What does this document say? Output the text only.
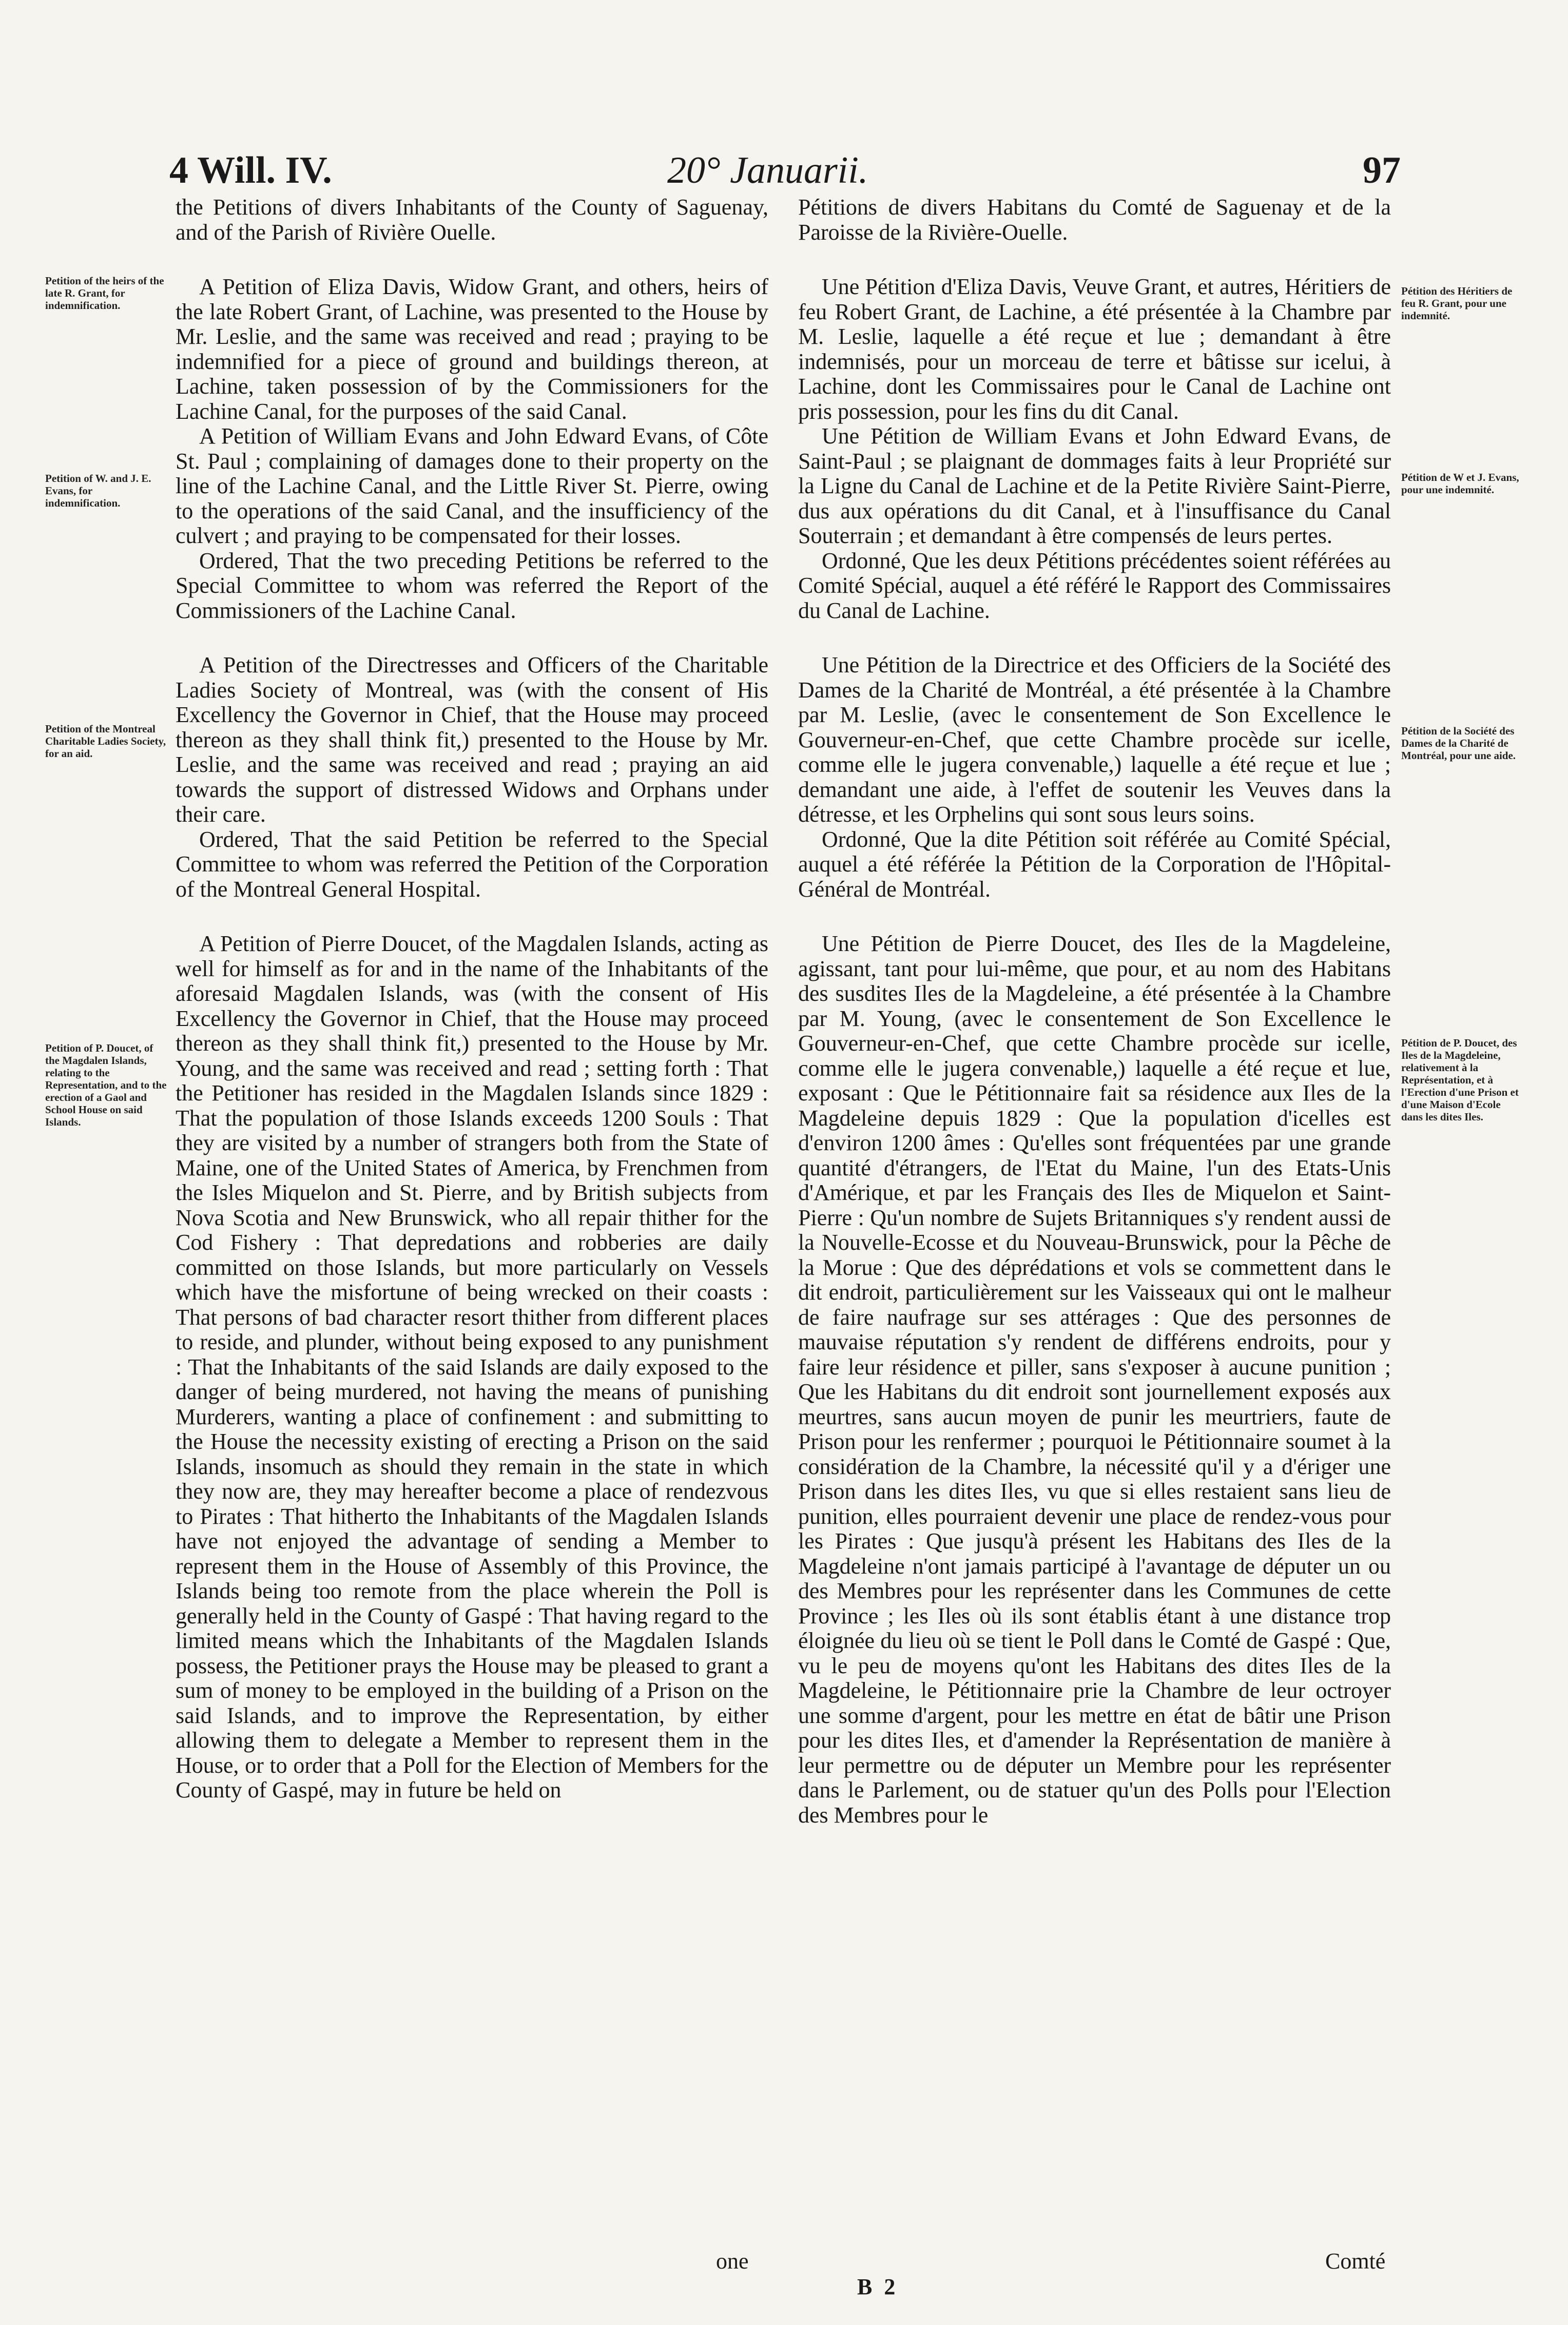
4 Will. IV.	20° Januarii.	97
Petition of the heirs of the late R. Grant, for indemnification.
Petition of W. and J. E. Evans, for indemnification.
Petition of the Montreal Charitable Ladies Society, for an aid.
Petition of P. Doucet, of the Magdalen Islands, relating to the Representation, and to the erection of a Gaol and School House on said Islands.
Pétition des Héritiers de feu R. Grant, pour une indemnité.
Pétition de W et J. Evans, pour une indemnité.
Pétition de la Société des Dames de la Charité de Montréal, pour une aide.
Pétition de P. Doucet, des Iles de la Magdeleine, relativement à la Représentation, et à l'Erection d'une Prison et d'une Maison d'Ecole dans les dites Iles.

the Petitions of divers Inhabitants of the County of Saguenay, and of the Parish of Rivière Ouelle.

A Petition of Eliza Davis, Widow Grant, and others, heirs of the late Robert Grant, of Lachine, was presented to the House by Mr. Leslie, and the same was received and read ; praying to be indemnified for a piece of ground and buildings thereon, at Lachine, taken possession of by the Commissioners for the Lachine Canal, for the purposes of the said Canal.

A Petition of William Evans and John Edward Evans, of Côte St. Paul ; complaining of damages done to their property on the line of the Lachine Canal, and the Little River St. Pierre, owing to the operations of the said Canal, and the insufficiency of the culvert ; and praying to be compensated for their losses.

Ordered, That the two preceding Petitions be referred to the Special Committee to whom was referred the Report of the Commissioners of the Lachine Canal.

A Petition of the Directresses and Officers of the Charitable Ladies Society of Montreal, was (with the consent of His Excellency the Governor in Chief, that the House may proceed thereon as they shall think fit,) presented to the House by Mr. Leslie, and the same was received and read ; praying an aid towards the support of distressed Widows and Orphans under their care.

Ordered, That the said Petition be referred to the Special Committee to whom was referred the Petition of the Corporation of the Montreal General Hospital.

A Petition of Pierre Doucet, of the Magdalen Islands, acting as well for himself as for and in the name of the Inhabitants of the aforesaid Magdalen Islands, was (with the consent of His Excellency the Governor in Chief, that the House may proceed thereon as they shall think fit,) presented to the House by Mr. Young, and the same was received and read ; setting forth : That the Petitioner has resided in the Magdalen Islands since 1829 : That the population of those Islands exceeds 1200 Souls : That they are visited by a number of strangers both from the State of Maine, one of the United States of America, by Frenchmen from the Isles Miquelon and St. Pierre, and by British subjects from Nova Scotia and New Brunswick, who all repair thither for the Cod Fishery : That depredations and robberies are daily committed on those Islands, but more particularly on Vessels which have the misfortune of being wrecked on their coasts : That persons of bad character resort thither from different places to reside, and plunder, without being exposed to any punishment : That the Inhabitants of the said Islands are daily exposed to the danger of being murdered, not having the means of punishing Murderers, wanting a place of confinement : and submitting to the House the necessity existing of erecting a Prison on the said Islands, insomuch as should they remain in the state in which they now are, they may hereafter become a place of rendezvous to Pirates : That hitherto the Inhabitants of the Magdalen Islands have not enjoyed the advantage of sending a Member to represent them in the House of Assembly of this Province, the Islands being too remote from the place wherein the Poll is generally held in the County of Gaspé : That having regard to the limited means which the Inhabitants of the Magdalen Islands possess, the Petitioner prays the House may be pleased to grant a sum of money to be employed in the building of a Prison on the said Islands, and to improve the Representation, by either allowing them to delegate a Member to represent them in the House, or to order that a Poll for the Election of Members for the County of Gaspé, may in future be held on

Pétitions de divers Habitans du Comté de Saguenay et de la Paroisse de la Rivière-Ouelle.

Une Pétition d'Eliza Davis, Veuve Grant, et autres, Héritiers de feu Robert Grant, de Lachine, a été présentée à la Chambre par M. Leslie, laquelle a été reçue et lue ; demandant à être indemnisés, pour un morceau de terre et bâtisse sur icelui, à Lachine, dont les Commissaires pour le Canal de Lachine ont pris possession, pour les fins du dit Canal.

Une Pétition de William Evans et John Edward Evans, de Saint-Paul ; se plaignant de dommages faits à leur Propriété sur la Ligne du Canal de Lachine et de la Petite Rivière Saint-Pierre, dus aux opérations du dit Canal, et à l'insuffisance du Canal Souterrain ; et demandant à être compensés de leurs pertes.

Ordonné, Que les deux Pétitions précédentes soient référées au Comité Spécial, auquel a été référé le Rapport des Commissaires du Canal de Lachine.

Une Pétition de la Directrice et des Officiers de la Société des Dames de la Charité de Montréal, a été présentée à la Chambre par M. Leslie, (avec le consentement de Son Excellence le Gouverneur-en-Chef, que cette Chambre procède sur icelle, comme elle le jugera convenable,) laquelle a été reçue et lue ; demandant une aide, à l'effet de soutenir les Veuves dans la détresse, et les Orphelins qui sont sous leurs soins.

Ordonné, Que la dite Pétition soit référée au Comité Spécial, auquel a été référée la Pétition de la Corporation de l'Hôpital-Général de Montréal.

Une Pétition de Pierre Doucet, des Iles de la Magdeleine, agissant, tant pour lui-même, que pour, et au nom des Habitans des susdites Iles de la Magdeleine, a été présentée à la Chambre par M. Young, (avec le consentement de Son Excellence le Gouverneur-en-Chef, que cette Chambre procède sur icelle, comme elle le jugera convenable,) laquelle a été reçue et lue, exposant : Que le Pétitionnaire fait sa résidence aux Iles de la Magdeleine depuis 1829 : Que la population d'icelles est d'environ 1200 âmes : Qu'elles sont fréquentées par une grande quantité d'étrangers, de l'Etat du Maine, l'un des Etats-Unis d'Amérique, et par les Français des Iles de Miquelon et Saint-Pierre : Qu'un nombre de Sujets Britanniques s'y rendent aussi de la Nouvelle-Ecosse et du Nouveau-Brunswick, pour la Pêche de la Morue : Que des déprédations et vols se commettent dans le dit endroit, particulièrement sur les Vaisseaux qui ont le malheur de faire naufrage sur ses attérages : Que des personnes de mauvaise réputation s'y rendent de différens endroits, pour y faire leur résidence et piller, sans s'exposer à aucune punition ; Que les Habitans du dit endroit sont journellement exposés aux meurtres, sans aucun moyen de punir les meurtriers, faute de Prison pour les renfermer ; pourquoi le Pétitionnaire soumet à la considération de la Chambre, la nécessité qu'il y a d'ériger une Prison dans les dites Iles, vu que si elles restaient sans lieu de punition, elles pourraient devenir une place de rendez-vous pour les Pirates : Que jusqu'à présent les Habitans des Iles de la Magdeleine n'ont jamais participé à l'avantage de députer un ou des Membres pour les représenter dans les Communes de cette Province ; les Iles où ils sont établis étant à une distance trop éloignée du lieu où se tient le Poll dans le Comté de Gaspé : Que, vu le peu de moyens qu'ont les Habitans des dites Iles de la Magdeleine, le Pétitionnaire prie la Chambre de leur octroyer une somme d'argent, pour les mettre en état de bâtir une Prison pour les dites Iles, et d'amender la Représentation de manière à leur permettre ou de députer un Membre pour les représenter dans le Parlement, ou de statuer qu'un des Polls pour l'Election des Membres pour le

one	Comté
B 2
